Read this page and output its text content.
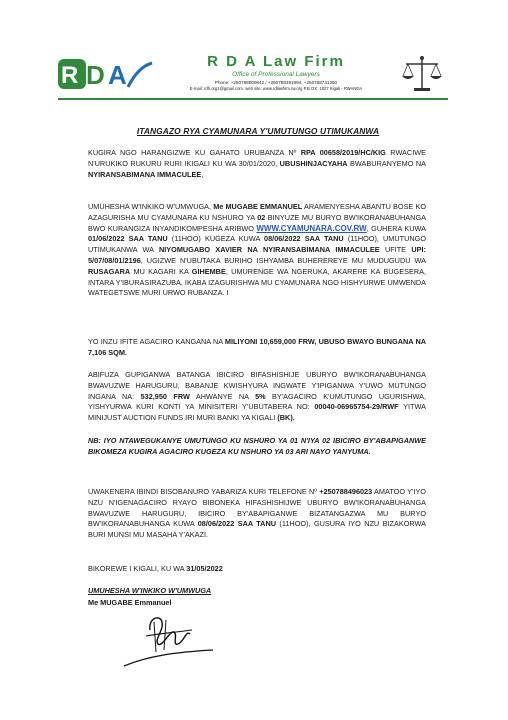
R D A	R D A Law Firm
Office of Professional Lawyers
Phone: +250788000842 / +250788391994, +250788741250
E-mail: rdh.org1@gmail.com, web site: www.rdlawfirm.rw.org P.B.OX: 1827 Kigali - RWANDA
ITANGAZO RYA CYAMUNARA Y'UMUTUNGO UTIMUKANWA

KUGIRA NGO HARANGIZWE KU GAHATO URUBANZA Nº RPA 00658/2019/HC/KIG RWACIWE N'URUKIKO RUKURU RURI IKIGALI KU WA 30/01/2020, UBUSHINJACYAHA BWABURANYEMO NA NYIRANSABIMANA IMMACULEE,

UMUHESHA W'INKIKO W'UMWUGA, Me MUGABE EMMANUEL ARAMENYESHA ABANTU BOSE KO AZAGURISHA MU CYAMUNARA KU NSHURO YA 02 BINYUZE MU BURYO BW'IKORANABUHANGA BWO KURANGIZA INYANDIKOMPESHA ARIBWO WWW.CYAMUNARA.COV.RW, GUHERA KUWA 01/06/2022 SAA TANU (11HOO) KUGEZA KUWA 08/06/2022 SAA TANU (11HOO), UMUTUNGO UTIMUKANWA WA NIYOMUGABO XAVIER NA NYIRANSABIMANA IMMACULEE UFITE UPI: 5/07/08/01/2196, UGIZWE N'UBUTAKA BURIHO ISHYAMBA BUHEREREYE MU MUDUGUDU WA RUSAGARA MU KAGARI KA GIHEMBE, UMURENGE WA NGERUKA, AKARERE KA BUGESERA, INTARA Y'IBURASIRAZUBA, IKABA IZAGURISHWA MU CYAMUNARA NGO HISHYURWE UMWENDA WATEGETSWE MURI URWO RUBANZA. I

YO INZU IFITE AGACIRO KANGANA NA MILIYONI 10,659,000 FRW, UBUSO BWAYO BUNGANA NA 7,106 SQM.

ABIFUZA GUPIGANWA BATANGA IBICIRO BIFASHISHIJE UBURYO BW'IKORANABUHANGA BWAVUZWE HARUGURU, BABANJE KWISHYURA INGWATE Y'IPIGANWA Y'UWO MUTUNGO INGANA NA: 532,950 FRW AHWANYE NA 5% BY'AGACIRO K'UMUTUNGO UGURISHWA, YISHYURWA KURI KONTI YA MINISITERI Y'UBUTABERA NO: 00040-06965754-29/RWF YITWA MINIJUST AUCTION FUNDS IRI MURI BANKI YA KIGALI (BK).

NB: IYO NTAWEGUKANYE UMUTUNGO KU NSHURO YA 01 N'IYA 02 IBICIRO BY'ABAPIGANWE BIKOMEZA KUGIRA AGACIRO KUGEZA KU NSHURO YA 03 ARI NAYO YANYUMA.

UWAKENERA IBINDI BISOBANURO YABARIZA KURI TELEFONE Nº +250788496023 AMATOO Y'IYO NZU N'IGENAGACIRO RYAYO BIBONEKA HIFASHISHIJWE UBURYO BW'IKORANABUHANGA BWAVUZWE HARUGURU, IBICIRO BY'ABAPIGANWE BIZATANGAZWA MU BURYO BW'IKORANABUHANGA KUWA 08/06/2022 SAA TANU (11HOO), GUSURA IYO NZU BIZAKORWA BURI MUNSI MU MASAHA Y'AKAZI.

BIKOREWE I KIGALI, KU WA 31/05/2022

UMUHESHA W'INKIKO W'UMWUGA
Me MUGABE Emmanuel
